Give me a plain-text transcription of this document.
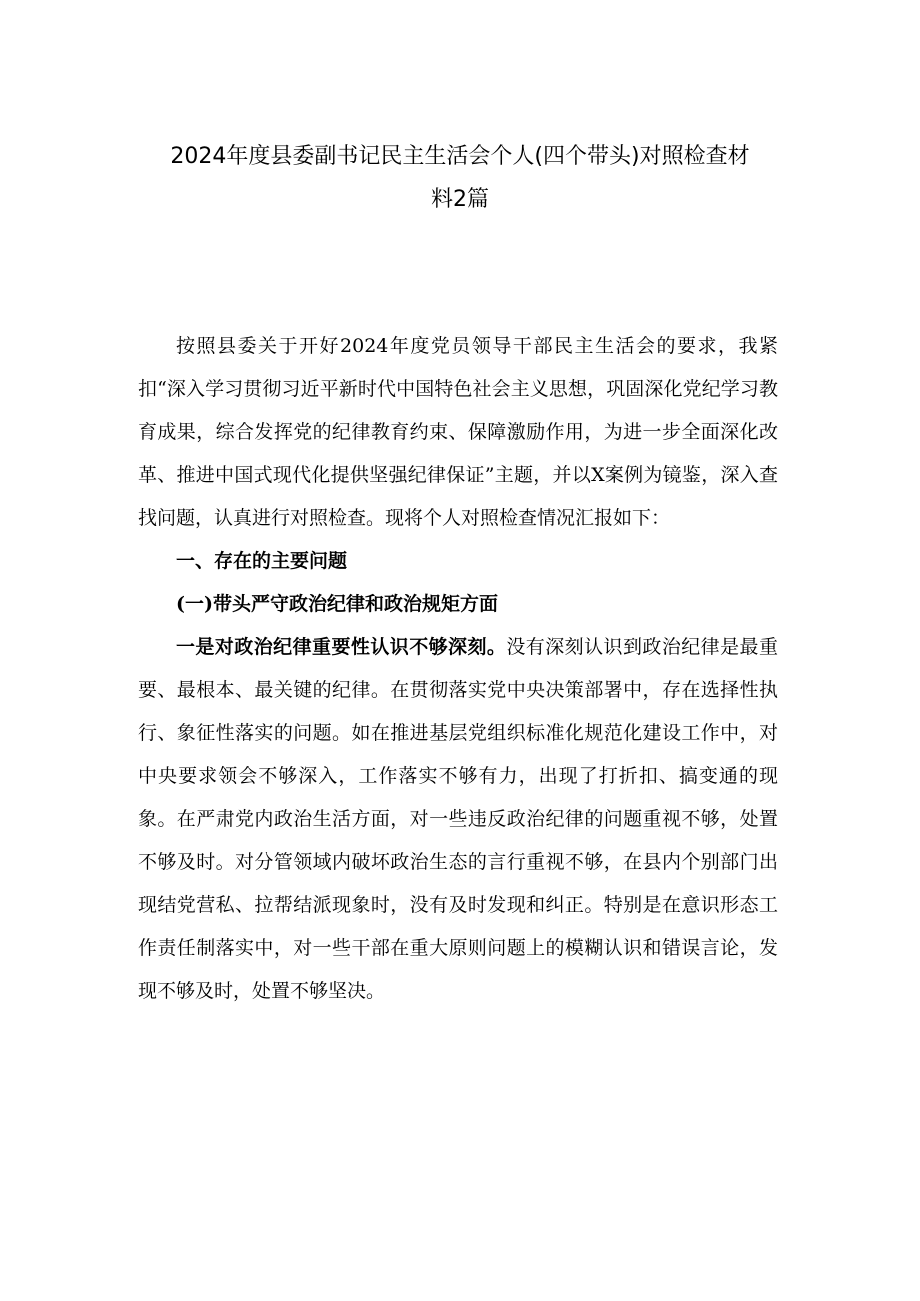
2024年度县委副书记民主生活会个人(四个带头)对照检查材
料2篇

按照县委关于开好2024年度党员领导干部民主生活会的要求，我紧扣“深入学习贯彻习近平新时代中国特色社会主义思想，巩固深化党纪学习教育成果，综合发挥党的纪律教育约束、保障激励作用，为进一步全面深化改革、推进中国式现代化提供坚强纪律保证”主题，并以X案例为镜鉴，深入查找问题，认真进行对照检查。现将个人对照检查情况汇报如下：

一、存在的主要问题

(一)带头严守政治纪律和政治规矩方面

一是对政治纪律重要性认识不够深刻。没有深刻认识到政治纪律是最重要、最根本、最关键的纪律。在贯彻落实党中央决策部署中，存在选择性执行、象征性落实的问题。如在推进基层党组织标准化规范化建设工作中，对中央要求领会不够深入，工作落实不够有力，出现了打折扣、搞变通的现象。在严肃党内政治生活方面，对一些违反政治纪律的问题重视不够，处置不够及时。对分管领域内破坏政治生态的言行重视不够，在县内个别部门出现结党营私、拉帮结派现象时，没有及时发现和纠正。特别是在意识形态工作责任制落实中，对一些干部在重大原则问题上的模糊认识和错误言论，发现不够及时，处置不够坚决。
